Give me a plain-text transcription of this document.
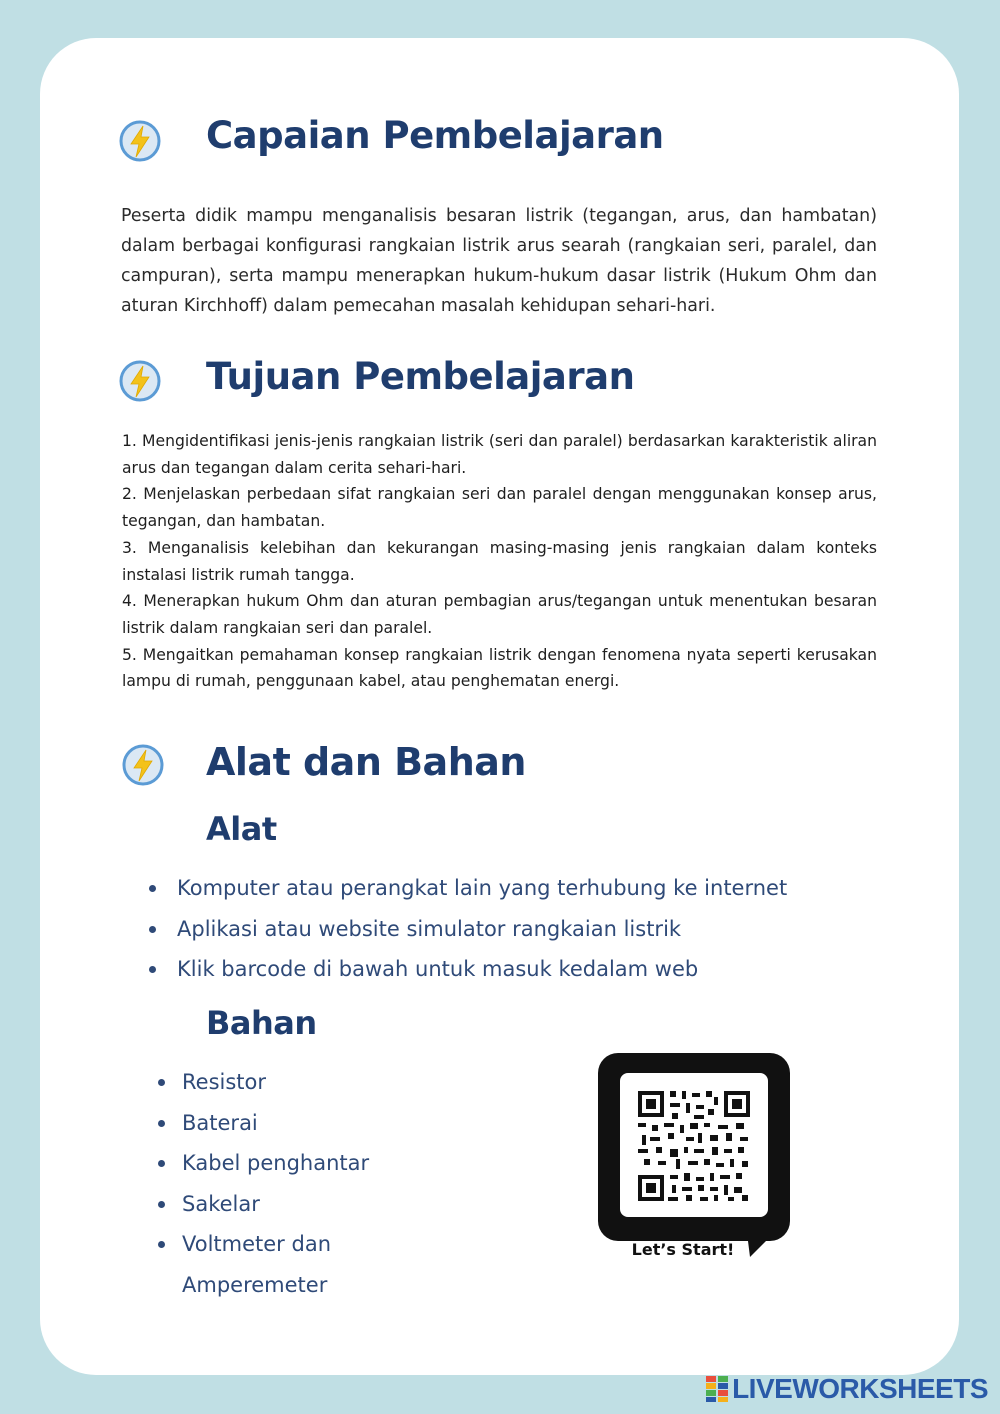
Capaian Pembelajaran

Peserta didik mampu menganalisis besaran listrik (tegangan, arus, dan hambatan) dalam berbagai konfigurasi rangkaian listrik arus searah (rangkaian seri, paralel, dan campuran), serta mampu menerapkan hukum-hukum dasar listrik (Hukum Ohm dan aturan Kirchhoff) dalam pemecahan masalah kehidupan sehari-hari.

Tujuan Pembelajaran
1. Mengidentifikasi jenis-jenis rangkaian listrik (seri dan paralel) berdasarkan karakteristik aliran arus dan tegangan dalam cerita sehari-hari.
2. Menjelaskan perbedaan sifat rangkaian seri dan paralel dengan menggunakan konsep arus, tegangan, dan hambatan.
3. Menganalisis kelebihan dan kekurangan masing-masing jenis rangkaian dalam konteks instalasi listrik rumah tangga.
4. Menerapkan hukum Ohm dan aturan pembagian arus/tegangan untuk menentukan besaran listrik dalam rangkaian seri dan paralel.
5. Mengaitkan pemahaman konsep rangkaian listrik dengan fenomena nyata seperti kerusakan lampu di rumah, penggunaan kabel, atau penghematan energi.
Alat dan Bahan
Alat
Komputer atau perangkat lain yang terhubung ke internet
Aplikasi atau website simulator rangkaian listrik
Klik barcode di bawah untuk masuk kedalam web
Bahan
Resistor
Baterai
Kabel penghantar
Sakelar
Voltmeter dan Amperemeter
Let’s Start!
LIVEWORKSHEETS
